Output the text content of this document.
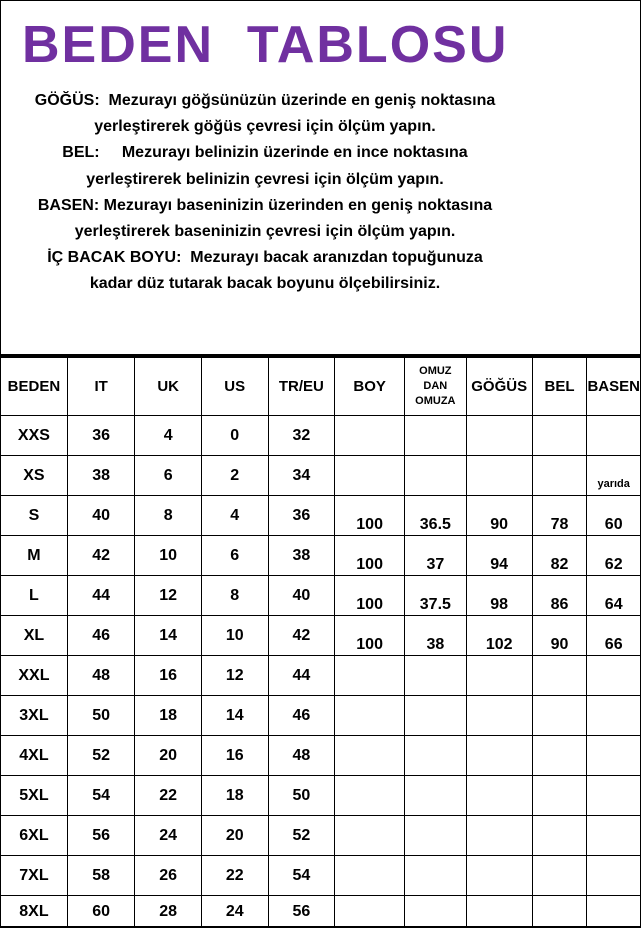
BEDEN  TABLOSU
GÖĞÜS:  Mezurayı göğsünüzün üzerinde en geniş noktasına
yerleştirerek göğüs çevresi için ölçüm yapın.
BEL:     Mezurayı belinizin üzerinde en ince noktasına
yerleştirerek belinizin çevresi için ölçüm yapın.
BASEN: Mezurayı baseninizin üzerinden en geniş noktasına
yerleştirerek baseninizin çevresi için ölçüm yapın.
İÇ BACAK BOYU:  Mezurayı bacak aranızdan topuğunuza
kadar düz tutarak bacak boyunu ölçebilirsiniz.
BEDEN	IT	UK	US	TR/EU	BOY	OMUZ
DAN
OMUZA	GÖĞÜS	BEL	BASEN
XXS	36	4	0	32					
XS	38	6	2	34					yarıda
S	40	8	4	36	100	36.5	90	78	60
M	42	10	6	38	100	37	94	82	62
L	44	12	8	40	100	37.5	98	86	64
XL	46	14	10	42	100	38	102	90	66
XXL	48	16	12	44					
3XL	50	18	14	46					
4XL	52	20	16	48					
5XL	54	22	18	50					
6XL	56	24	20	52					
7XL	58	26	22	54					
8XL	60	28	24	56					
